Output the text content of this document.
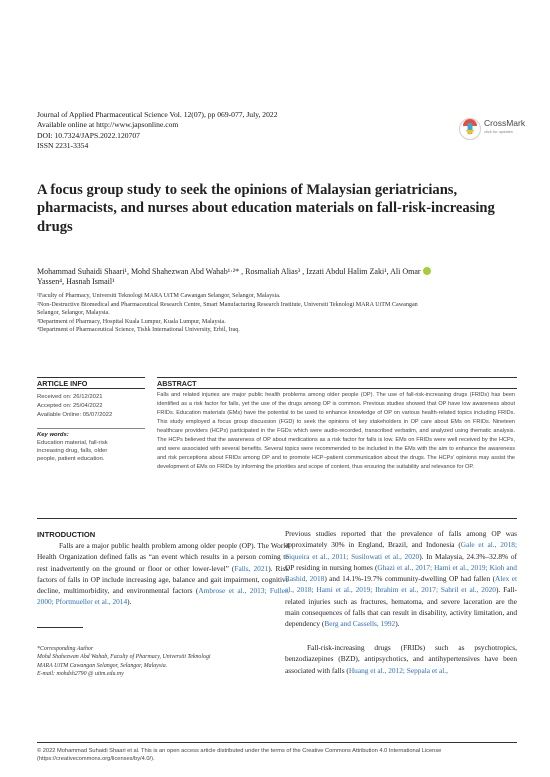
Journal of Applied Pharmaceutical Science Vol. 12(07), pp 069-077, July, 2022
Available online at http://www.japsonline.com
DOI: 10.7324/JAPS.2022.120707
ISSN 2231-3354
CrossMark
click for updates
A focus group study to seek the opinions of Malaysian geriatricians, pharmacists, and nurses about education materials on fall-risk-increasing drugs
Mohammad Suhaidi Shaari¹, Mohd Shahezwan Abd Wahab¹·²* , Rosmaliah Alias³ , Izzati Abdul Halim Zaki¹, Ali Omar
Yassen⁴, Hasnah Ismail¹
¹Faculty of Pharmacy, Universiti Teknologi MARA UiTM Cawangan Selangor, Selangor, Malaysia.
²Non-Destructive Biomedical and Pharmaceutical Research Centre, Smart Manufacturing Research Institute, Universiti Teknologi MARA UiTM Cawangan
Selangor, Selangor, Malaysia.
³Department of Pharmacy, Hospital Kuala Lumpur, Kuala Lumpur, Malaysia.
⁴Department of Pharmaceutical Science, Tishk International University, Erbil, Iraq.
ARTICLE INFO
Received on: 26/12/2021
Accepted on: 25/04/2022
Available Online: 05/07/2022
Key words:
Education material, fall-risk increasing drug, falls, older people, patient education.
ABSTRACT
Falls and related injuries are major public health problems among older people (OP). The use of fall-risk-increasing drugs (FRIDs) has been identified as a risk factor for falls, yet the use of the drugs among OP is common. Previous studies showed that OP have low awareness about FRIDs. Education materials (EMs) have the potential to be used to enhance knowledge of OP on various health-related topics including FRIDs. This study employed a focus group discussion (FGD) to seek the opinions of key stakeholders in OP care about EMs on FRIDs. Nineteen healthcare providers (HCPs) participated in the FGDs which were audio-recorded, transcribed verbatim, and analyzed using thematic analysis. The HCPs believed that the awareness of OP about medications as a risk factor for falls is low. EMs on FRIDs were well received by the HCPs, and were associated with several benefits. Several topics were recommended to be included in the EMs with the aim to enhance the awareness and risk perceptions about FRIDs among OP and to promote HCP–patient communication about the drugs. The HCPs’ opinions may assist the development of EMs on FRIDs by informing the priorities and scope of content, thus ensuring the suitability and relevance for OP.
INTRODUCTION
Falls are a major public health problem among older people (OP). The World Health Organization defined falls as “an event which results in a person coming to rest inadvertently on the ground or floor or other lower-level” (Falls, 2021). Risk factors of falls in OP include increasing age, balance and gait impairment, cognitive decline, multimorbidity, and environmental factors (Ambrose et al., 2013; Fuller, 2000; Pfortmueller et al., 2014).
Previous studies reported that the prevalence of falls among OP was approximately 30% in England, Brazil, and Indonesia (Gale et al., 2018; Siqueira et al., 2011; Susilowati et al., 2020). In Malaysia, 24.3%–32.8% of OP residing in nursing homes (Ghazi et al., 2017; Hami et al., 2019; Kioh and Rashid, 2018) and 14.1%-19.7% community-dwelling OP had fallen (Alex et al., 2018; Hami et al., 2019; Ibrahim et al., 2017; Sahril et al., 2020). Fall-related injuries such as fractures, hematoma, and severe laceration are the main consequences of falls that can result in disability, activity limitation, and dependency (Berg and Cassells, 1992).
Fall-risk-increasing drugs (FRIDs) such as psychotropics, benzodiazepines (BZD), antipsychotics, and antihypertensives have been associated with falls (Huang et al., 2012; Seppala et al.,
*Corresponding Author
Mohd Shahezwan Abd Wahab, Faculty of Pharmacy, Universiti Teknologi
MARA UiTM Cawangan Selangor, Selangor, Malaysia.
E-mail: mohdsh2790 @ uitm.edu.my
© 2022 Mohammad Suhaidi Shaari et al. This is an open access article distributed under the terms of the Creative Commons Attribution 4.0 International License (https://creativecommons.org/licenses/by/4.0/).
